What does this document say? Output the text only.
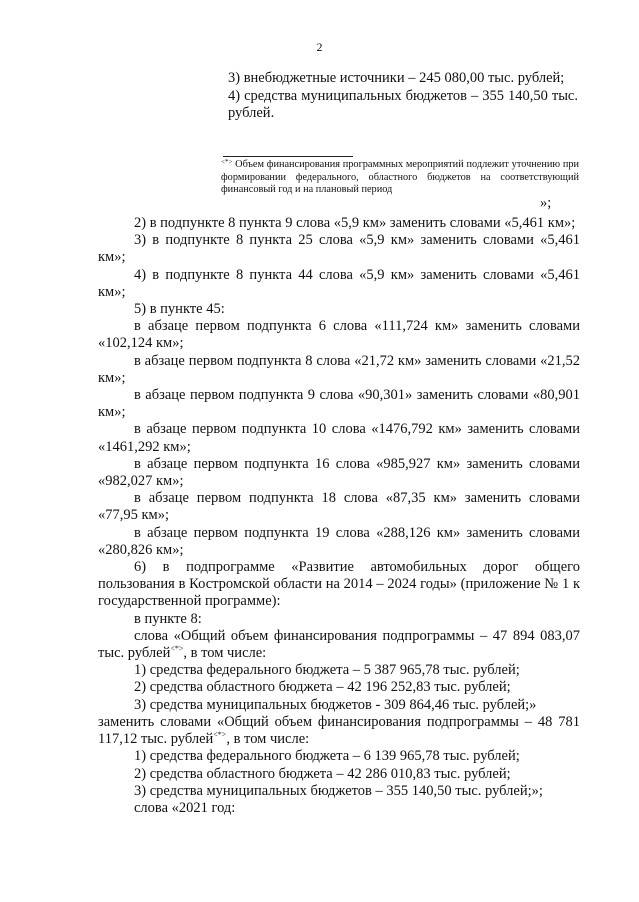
2

3) внебюджетные источники – 245 080,00 тыс. рублей;

4) средства муниципальных бюджетов – 355 140,50 тыс. рублей.

<*> Объем финансирования программных мероприятий подлежит уточнению при формировании федерального, областного бюджетов на соответствующий финансовый год и на плановый период

»;

2) в подпункте 8 пункта 9 слова «5,9 км» заменить словами «5,461 км»;

3) в подпункте 8 пункта 25 слова «5,9 км» заменить словами «5,461 км»;

4) в подпункте 8 пункта 44 слова «5,9 км» заменить словами «5,461 км»;

5) в пункте 45:

в абзаце первом подпункта 6 слова «111,724 км» заменить словами «102,124 км»;

в абзаце первом подпункта 8 слова «21,72 км» заменить словами «21,52 км»;

в абзаце первом подпункта 9 слова «90,301» заменить словами «80,901 км»;

в абзаце первом подпункта 10 слова «1476,792 км» заменить словами «1461,292 км»;

в абзаце первом подпункта 16 слова «985,927 км» заменить словами «982,027 км»;

в абзаце первом подпункта 18 слова «87,35 км» заменить словами «77,95 км»;

в абзаце первом подпункта 19 слова «288,126 км» заменить словами «280,826 км»;

6) в подпрограмме «Развитие автомобильных дорог общего пользования в Костромской области на 2014 – 2024 годы» (приложение № 1 к государственной программе):

в пункте 8:

слова «Общий объем финансирования подпрограммы – 47 894 083,07 тыс. рублей<*>, в том числе:

1) средства федерального бюджета – 5 387 965,78 тыс. рублей;

2) средства областного бюджета – 42 196 252,83 тыс. рублей;

3) средства муниципальных бюджетов - 309 864,46 тыс. рублей;»

заменить словами «Общий объем финансирования подпрограммы – 48 781 117,12 тыс. рублей<*>, в том числе:

1) средства федерального бюджета – 6 139 965,78 тыс. рублей;

2) средства областного бюджета – 42 286 010,83 тыс. рублей;

3) средства муниципальных бюджетов – 355 140,50 тыс. рублей;»;

слова «2021 год:
